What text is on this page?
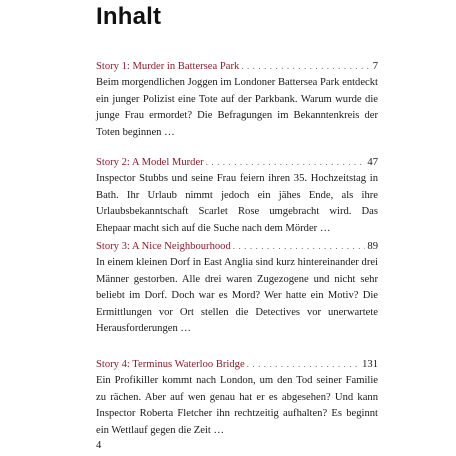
Inhalt
Story 1: Murder in Battersea Park . . .	7

Beim morgendlichen Joggen im Londoner Battersea Park entdeckt ein junger Polizist eine Tote auf der Parkbank. Warum wurde die junge Frau ermordet? Die Befragungen im Bekanntenkreis der Toten beginnen …

Story 2: A Model Murder . . .	47

Inspector Stubbs und seine Frau feiern ihren 35. Hochzeitstag in Bath. Ihr Urlaub nimmt jedoch ein jähes Ende, als ihre Urlaubsbekanntschaft Scarlet Rose umgebracht wird. Das Ehepaar macht sich auf die Suche nach dem Mörder …

Story 3: A Nice Neighbourhood . . .	89

In einem kleinen Dorf in East Anglia sind kurz hintereinander drei Männer gestorben. Alle drei waren Zugezogene und nicht sehr beliebt im Dorf. Doch war es Mord? Wer hatte ein Motiv? Die Ermittlungen vor Ort stellen die Detectives vor unerwartete Herausforderungen …

Story 4: Terminus Waterloo Bridge . . .	131

Ein Profikiller kommt nach London, um den Tod seiner Familie zu rächen. Aber auf wen genau hat er es abgesehen? Und kann Inspector Roberta Fletcher ihn rechtzeitig aufhalten? Es beginnt ein Wettlauf gegen die Zeit …

4
